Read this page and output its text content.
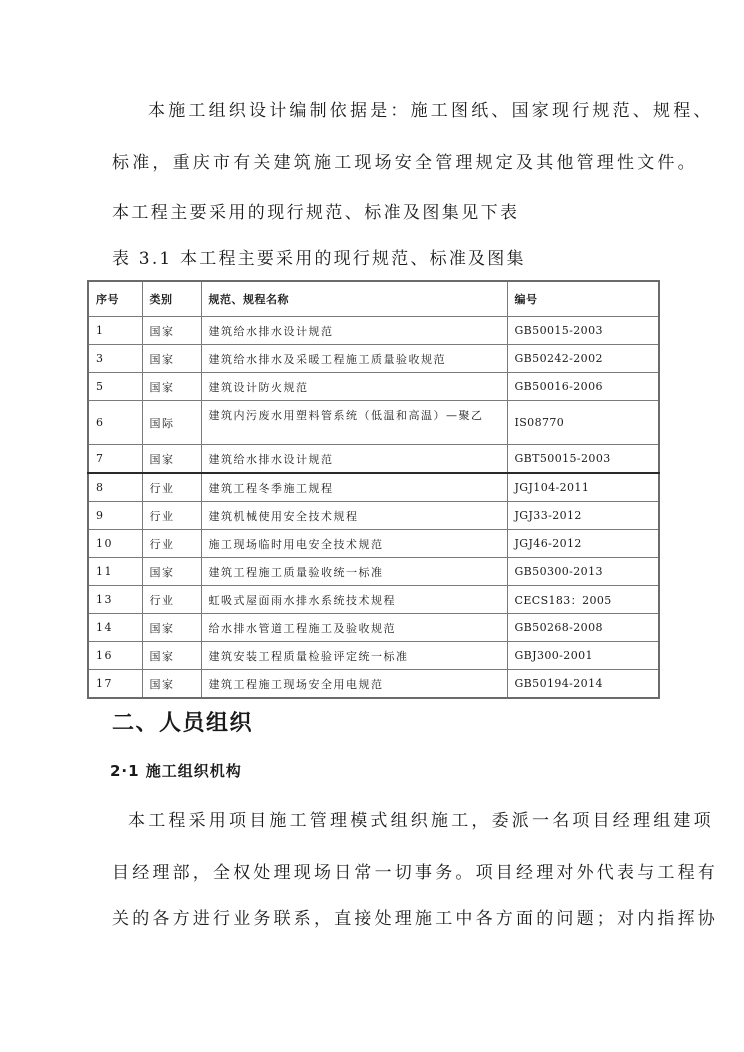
本施工组织设计编制依据是：施工图纸、国家现行规范、规程、
标准，重庆市有关建筑施工现场安全管理规定及其他管理性文件。
本工程主要采用的现行规范、标准及图集见下表
表 3.1 本工程主要采用的现行规范、标准及图集
序号	类别	规范、规程名称	编号
1	国家	建筑给水排水设计规范	GB50015-2003
3	国家	建筑给水排水及采暖工程施工质量验收规范	GB50242-2002
5	国家	建筑设计防火规范	GB50016-2006
6	国际	建筑内污废水用塑料管系统（低温和高温）—聚乙	IS08770
7	国家	建筑给水排水设计规范	GBT50015-2003
8	行业	建筑工程冬季施工规程	JGJ104-2011
9	行业	建筑机械使用安全技术规程	JGJ33-2012
10	行业	施工现场临时用电安全技术规范	JGJ46-2012
11	国家	建筑工程施工质量验收统一标准	GB50300-2013
13	行业	虹吸式屋面雨水排水系统技术规程	CECS183：2005
14	国家	给水排水管道工程施工及验收规范	GB50268-2008
16	国家	建筑安装工程质量检验评定统一标准	GBJ300-2001
17	国家	建筑工程施工现场安全用电规范	GB50194-2014
二、人员组织
2·1 施工组织机构
本工程采用项目施工管理模式组织施工，委派一名项目经理组建项
目经理部，全权处理现场日常一切事务。项目经理对外代表与工程有
关的各方进行业务联系，直接处理施工中各方面的问题；对内指挥协
